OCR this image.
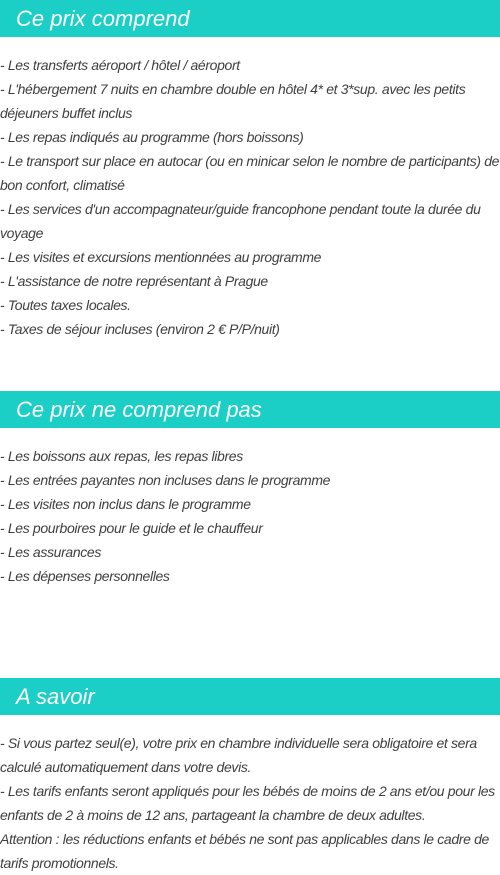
Ce prix comprend
- Les transferts aéroport / hôtel / aéroport
- L'hébergement 7 nuits en chambre double en hôtel 4* et 3*sup. avec les petits déjeuners buffet inclus
- Les repas indiqués au programme (hors boissons)
- Le transport sur place en autocar (ou en minicar selon le nombre de participants) de bon confort, climatisé
- Les services d'un accompagnateur/guide francophone pendant toute la durée du voyage
- Les visites et excursions mentionnées au programme
- L'assistance de notre représentant à Prague
- Toutes taxes locales.
- Taxes de séjour incluses (environ 2 € P/P/nuit)
Ce prix ne comprend pas
- Les boissons aux repas, les repas libres
- Les entrées payantes non incluses dans le programme
- Les visites non inclus dans le programme
- Les pourboires pour le guide et le chauffeur
- Les assurances
- Les dépenses personnelles
A savoir
- Si vous partez seul(e), votre prix en chambre individuelle sera obligatoire et sera calculé automatiquement dans votre devis.
- Les tarifs enfants seront appliqués pour les bébés de moins de 2 ans et/ou pour les enfants de 2 à moins de 12 ans, partageant la chambre de deux adultes.
Attention : les réductions enfants et bébés ne sont pas applicables dans le cadre de tarifs promotionnels.
